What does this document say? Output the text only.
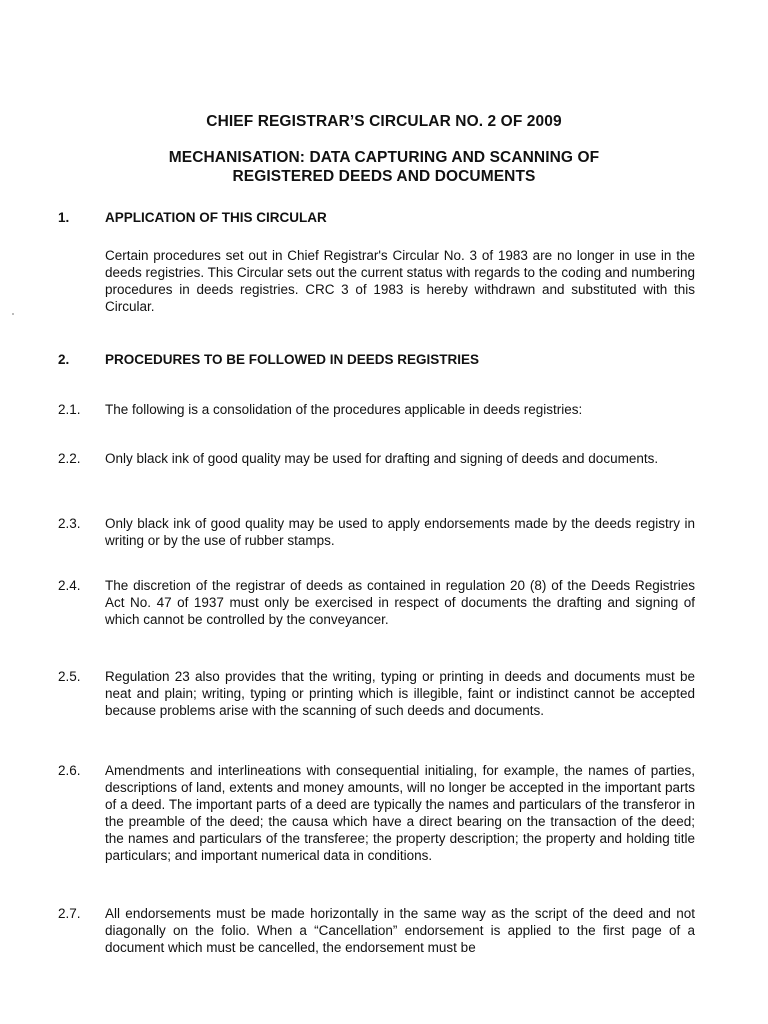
CHIEF REGISTRAR’S CIRCULAR NO. 2 OF 2009
MECHANISATION: DATA CAPTURING AND SCANNING OF
REGISTERED DEEDS AND DOCUMENTS
1.	APPLICATION OF THIS CIRCULAR
Certain procedures set out in Chief Registrar's Circular No. 3 of 1983 are no longer in use in the deeds registries. This Circular sets out the current status with regards to the coding and numbering procedures in deeds registries. CRC 3 of 1983 is hereby withdrawn and substituted with this Circular.
2.	PROCEDURES TO BE FOLLOWED IN DEEDS REGISTRIES
2.1. The following is a consolidation of the procedures applicable in deeds registries:
2.2. Only black ink of good quality may be used for drafting and signing of deeds and documents.
2.3. Only black ink of good quality may be used to apply endorsements made by the deeds registry in writing or by the use of rubber stamps.
2.4. The discretion of the registrar of deeds as contained in regulation 20 (8) of the Deeds Registries Act No. 47 of 1937 must only be exercised in respect of documents the drafting and signing of which cannot be controlled by the conveyancer.
2.5. Regulation 23 also provides that the writing, typing or printing in deeds and documents must be neat and plain; writing, typing or printing which is illegible, faint or indistinct cannot be accepted because problems arise with the scanning of such deeds and documents.
2.6. Amendments and interlineations with consequential initialing, for example, the names of parties, descriptions of land, extents and money amounts, will no longer be accepted in the important parts of a deed. The important parts of a deed are typically the names and particulars of the transferor in the preamble of the deed; the causa which have a direct bearing on the transaction of the deed; the names and particulars of the transferee; the property description; the property and holding title particulars; and important numerical data in conditions.
2.7. All endorsements must be made horizontally in the same way as the script of the deed and not diagonally on the folio. When a “Cancellation” endorsement is applied to the first page of a document which must be cancelled, the endorsement must be
